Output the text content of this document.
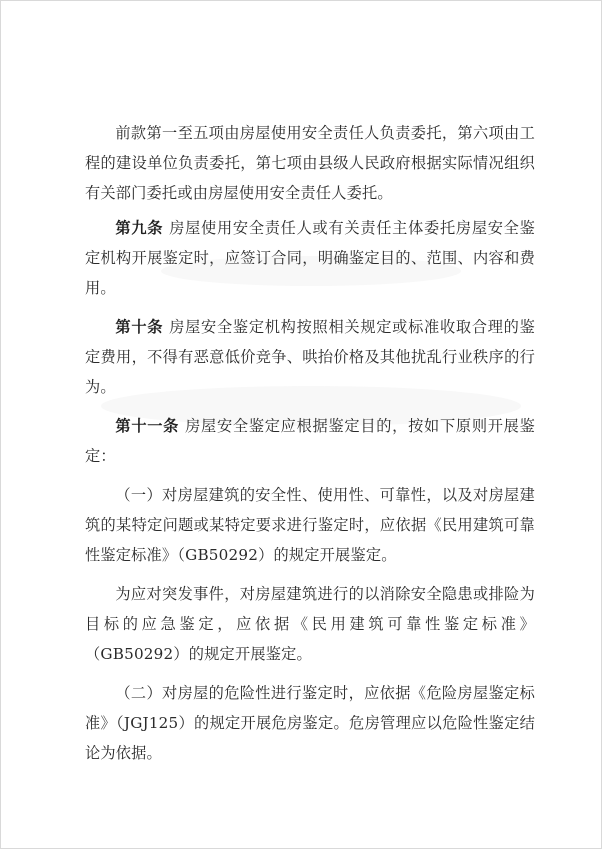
前款第一至五项由房屋使用安全责任人负责委托，第六项由工程的建设单位负责委托，第七项由县级人民政府根据实际情况组织有关部门委托或由房屋使用安全责任人委托。

第九条 房屋使用安全责任人或有关责任主体委托房屋安全鉴定机构开展鉴定时，应签订合同，明确鉴定目的、范围、内容和费用。

第十条 房屋安全鉴定机构按照相关规定或标准收取合理的鉴定费用，不得有恶意低价竞争、哄抬价格及其他扰乱行业秩序的行为。

第十一条 房屋安全鉴定应根据鉴定目的，按如下原则开展鉴定：

（一）对房屋建筑的安全性、使用性、可靠性，以及对房屋建筑的某特定问题或某特定要求进行鉴定时，应依据《民用建筑可靠性鉴定标准》（GB50292）的规定开展鉴定。

为应对突发事件，对房屋建筑进行的以消除安全隐患或排险为目标的应急鉴定，应依据《民用建筑可靠性鉴定标准》（GB50292）的规定开展鉴定。

（二）对房屋的危险性进行鉴定时，应依据《危险房屋鉴定标准》（JGJ125）的规定开展危房鉴定。危房管理应以危险性鉴定结论为依据。
